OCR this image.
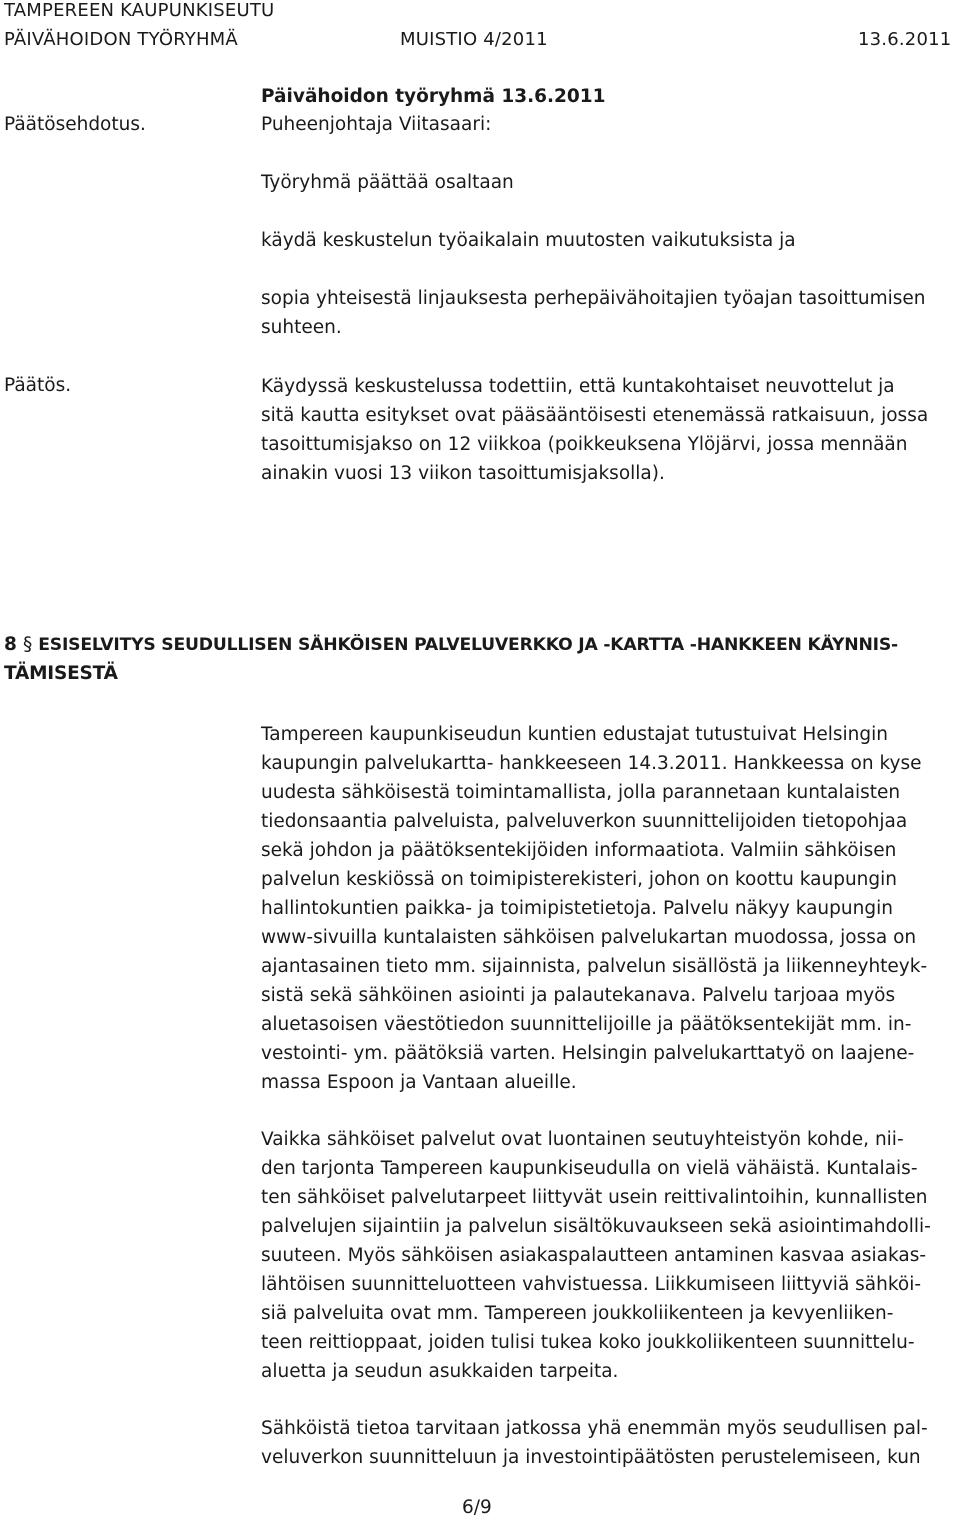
TAMPEREEN KAUPUNKISEUTU
PÄIVÄHOIDON TYÖRYHMÄ	MUISTIO 4/2011	13.6.2011
Päivähoidon työryhmä 13.6.2011
Päätösehdotus.	Puheenjohtaja Viitasaari:
Työryhmä päättää osaltaan
käydä keskustelun työaikalain muutosten vaikutuksista ja
sopia yhteisestä linjauksesta perhepäivähoitajien työajan tasoittumisen
suhteen.
Päätös.	Käydyssä keskustelussa todettiin, että kuntakohtaiset neuvottelut ja
sitä kautta esitykset ovat pääsääntöisesti etenemässä ratkaisuun, jossa
tasoittumisjakso on 12 viikkoa (poikkeuksena Ylöjärvi, jossa mennään
ainakin vuosi 13 viikon tasoittumisjaksolla).
8 § ESISELVITYS SEUDULLISEN SÄHKÖISEN PALVELUVERKKO JA -KARTTA -HANKKEEN KÄYNNIS-
TÄMISESTÄ
Tampereen kaupunkiseudun kuntien edustajat tutustuivat Helsingin
kaupungin palvelukartta- hankkeeseen 14.3.2011. Hankkeessa on kyse
uudesta sähköisestä toimintamallista, jolla parannetaan kuntalaisten
tiedonsaantia palveluista, palveluverkon suunnittelijoiden tietopohjaa
sekä johdon ja päätöksentekijöiden informaatiota. Valmiin sähköisen
palvelun keskiössä on toimipisterekisteri, johon on koottu kaupungin
hallintokuntien paikka- ja toimipistetietoja. Palvelu näkyy kaupungin
www-sivuilla kuntalaisten sähköisen palvelukartan muodossa, jossa on
ajantasainen tieto mm. sijainnista, palvelun sisällöstä ja liikenneyhteyk-
sistä sekä sähköinen asiointi ja palautekanava. Palvelu tarjoaa myös
aluetasoisen väestötiedon suunnittelijoille ja päätöksentekijät mm. in-
vestointi- ym. päätöksiä varten. Helsingin palvelukarttatyö on laajene-
massa Espoon ja Vantaan alueille.
Vaikka sähköiset palvelut ovat luontainen seutuyhteistyön kohde, nii-
den tarjonta Tampereen kaupunkiseudulla on vielä vähäistä. Kuntalais-
ten sähköiset palvelutarpeet liittyvät usein reittivalintoihin, kunnallisten
palvelujen sijaintiin ja palvelun sisältökuvaukseen sekä asiointimahdolli-
suuteen. Myös sähköisen asiakaspalautteen antaminen kasvaa asiakas-
lähtöisen suunnitteluotteen vahvistuessa. Liikkumiseen liittyviä sähköi-
siä palveluita ovat mm. Tampereen joukkoliikenteen ja kevyenliiken-
teen reittioppaat, joiden tulisi tukea koko joukkoliikenteen suunnittelu-
aluetta ja seudun asukkaiden tarpeita.
Sähköistä tietoa tarvitaan jatkossa yhä enemmän myös seudullisen pal-
veluverkon suunnitteluun ja investointipäätösten perustelemiseen, kun
6/9
